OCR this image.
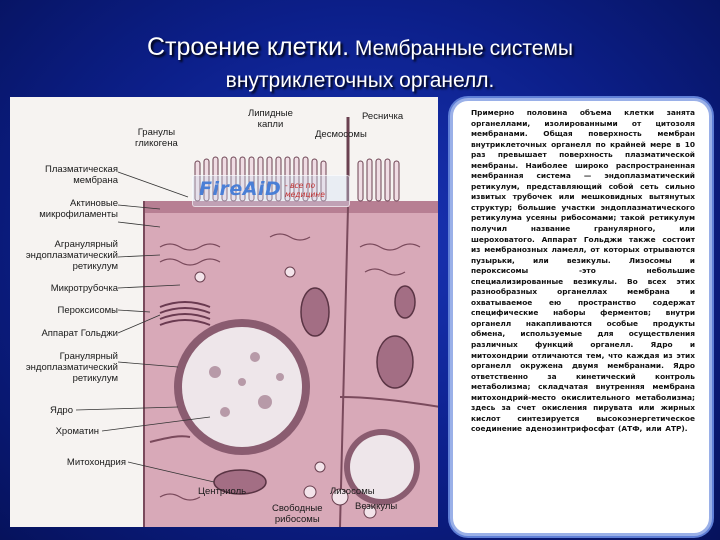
Строение клетки. Мембранные системы
внутриклеточных органелл.
Гранулы
гликогена
Липидные
капли
Ресничка
Десмосомы
Плазматическая
мембрана
Актиновые
микрофиламенты
Агранулярный
эндоплазматический
ретикулум
Микротрубочка
Пероксисомы
Аппарат Гольджи
Гранулярный
эндоплазматический
ретикулум
Ядро
Хроматин
Митохондрия
Центриоль	Лизосомы
Свободные
рибосомы
Везикулы
FireAiD - все по
медицине

Примерно половина объема клетки занята органеллами, изолированными от цитозоля мембранами. Общая поверхность мембран внутриклеточных органелл по крайней мере в 10 раз превышает поверхность плазматической мембраны. Наиболее широко распространенная мембранная система — эндоплазматический ретикулум, представляющий собой сеть сильно извитых трубочек или мешковидных вытянутых структур; большие участки эндоплазматического ретикулума усеяны рибосомами; такой ретикулум получил название гранулярного, или шероховатого. Аппарат Гольджи также состоит из мембранозных ламелл, от которых отрываются пузырьки, или везикулы. Лизосомы и пероксисомы -это небольшие специализированные везикулы. Во всех этих разнообразных органеллах мембрана и охватываемое ею пространство содержат специфические наборы ферментов; внутри органелл накапливаются особые продукты обмена, используемые для осуществления различных функций органелл. Ядро и митохондрии отличаются тем, что каждая из этих органелл окружена двумя мембранами. Ядро ответственно за кинетический контроль метаболизма; складчатая внутренняя мембрана митохондрий-место окислительного метаболизма; здесь за счет окисления пирувата или жирных кислот синтезируется высокоэнергетическое соединение аденозинтрифосфат (АТФ, или АТР).
